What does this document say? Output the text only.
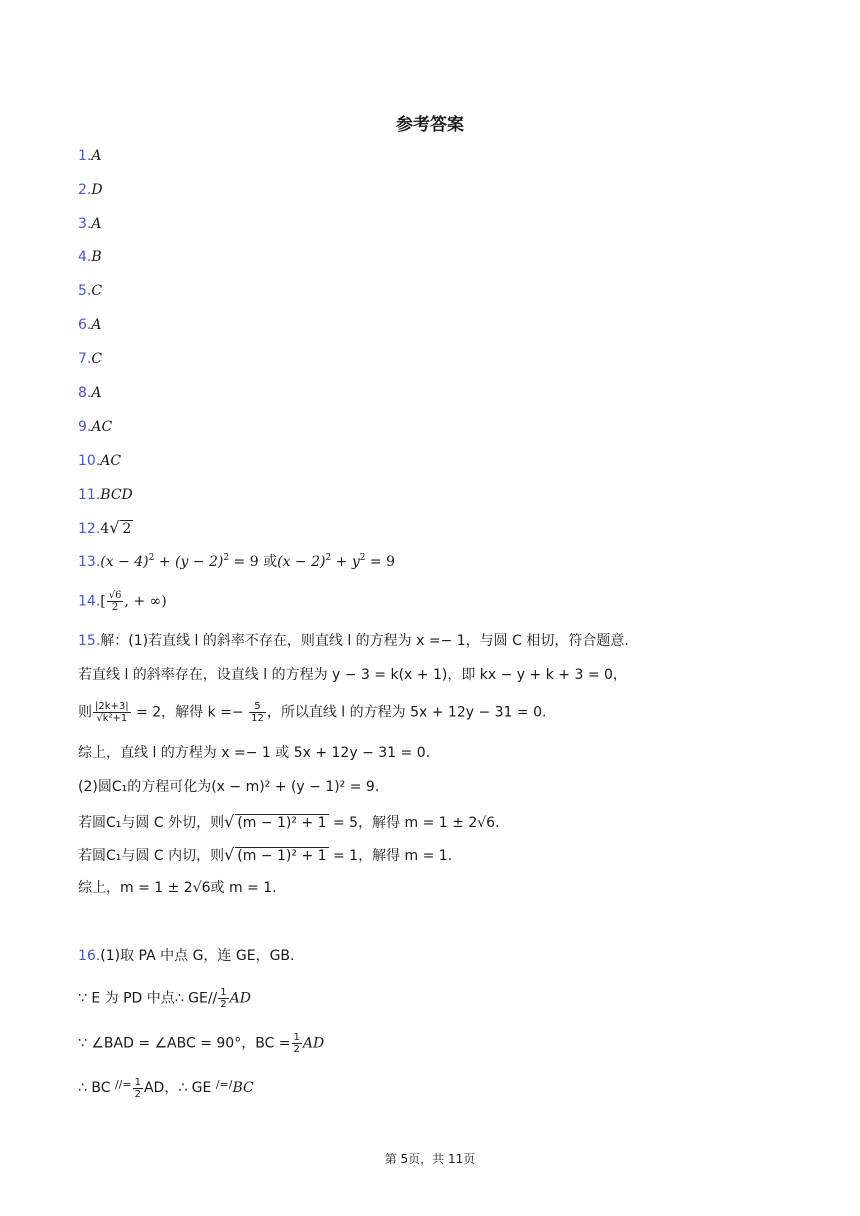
参考答案
1.A
2.D
3.A
4.B
5.C
6.A
7.C
8.A
9.AC
10.AC
11.BCD
12.4√ 2
$13.(x - 4)^2 + (y - 2)^2 = 9$ 或$(x - 2)^2 + y^2 = 9$
$14.[ \frac{√6}{2}$ , + ∞)
15.解：(1)若直线 l 的斜率不存在，则直线 l 的方程为 x =− 1，与圆 C 相切，符合题意.
若直线 l 的斜率存在，设直线 l 的方程为 y − 3 = k(x + 1)，即 kx − y + k + 3 = 0，
则 $\frac{|2k+3|}{\text{√k²+1}} = 2$，解得 $k =- \frac{5}{12}$ ，所以直线 l 的方程为 5x + 12y − 31 = 0.
综上，直线 l 的方程为 x =− 1 或 5x + 12y − 31 = 0.
(2)圆C₁的方程可化为(x − m)² + (y − 1)² = 9.
若圆C₁与圆 C 外切，则√ (m − 1)² + 1 = 5，解得 m = 1 ± 2√6.
若圆C₁与圆 C 内切，则√ (m − 1)² + 1 = 1，解得 m = 1.
综上，m = 1 ± 2√6或 m = 1.
16.(1)取 PA 中点 G，连 GE，GB.
∵ E 为 PD 中点∴ $GE// \frac{1}{2}$ AD
∵ ∠BAD = ∠ABC = 90°，BC = $\frac{1}{2}$ AD
∴ BC $^{//=} \frac{1}{2}$ AD，∴ GE /=/BC
第 5页，共 11页
